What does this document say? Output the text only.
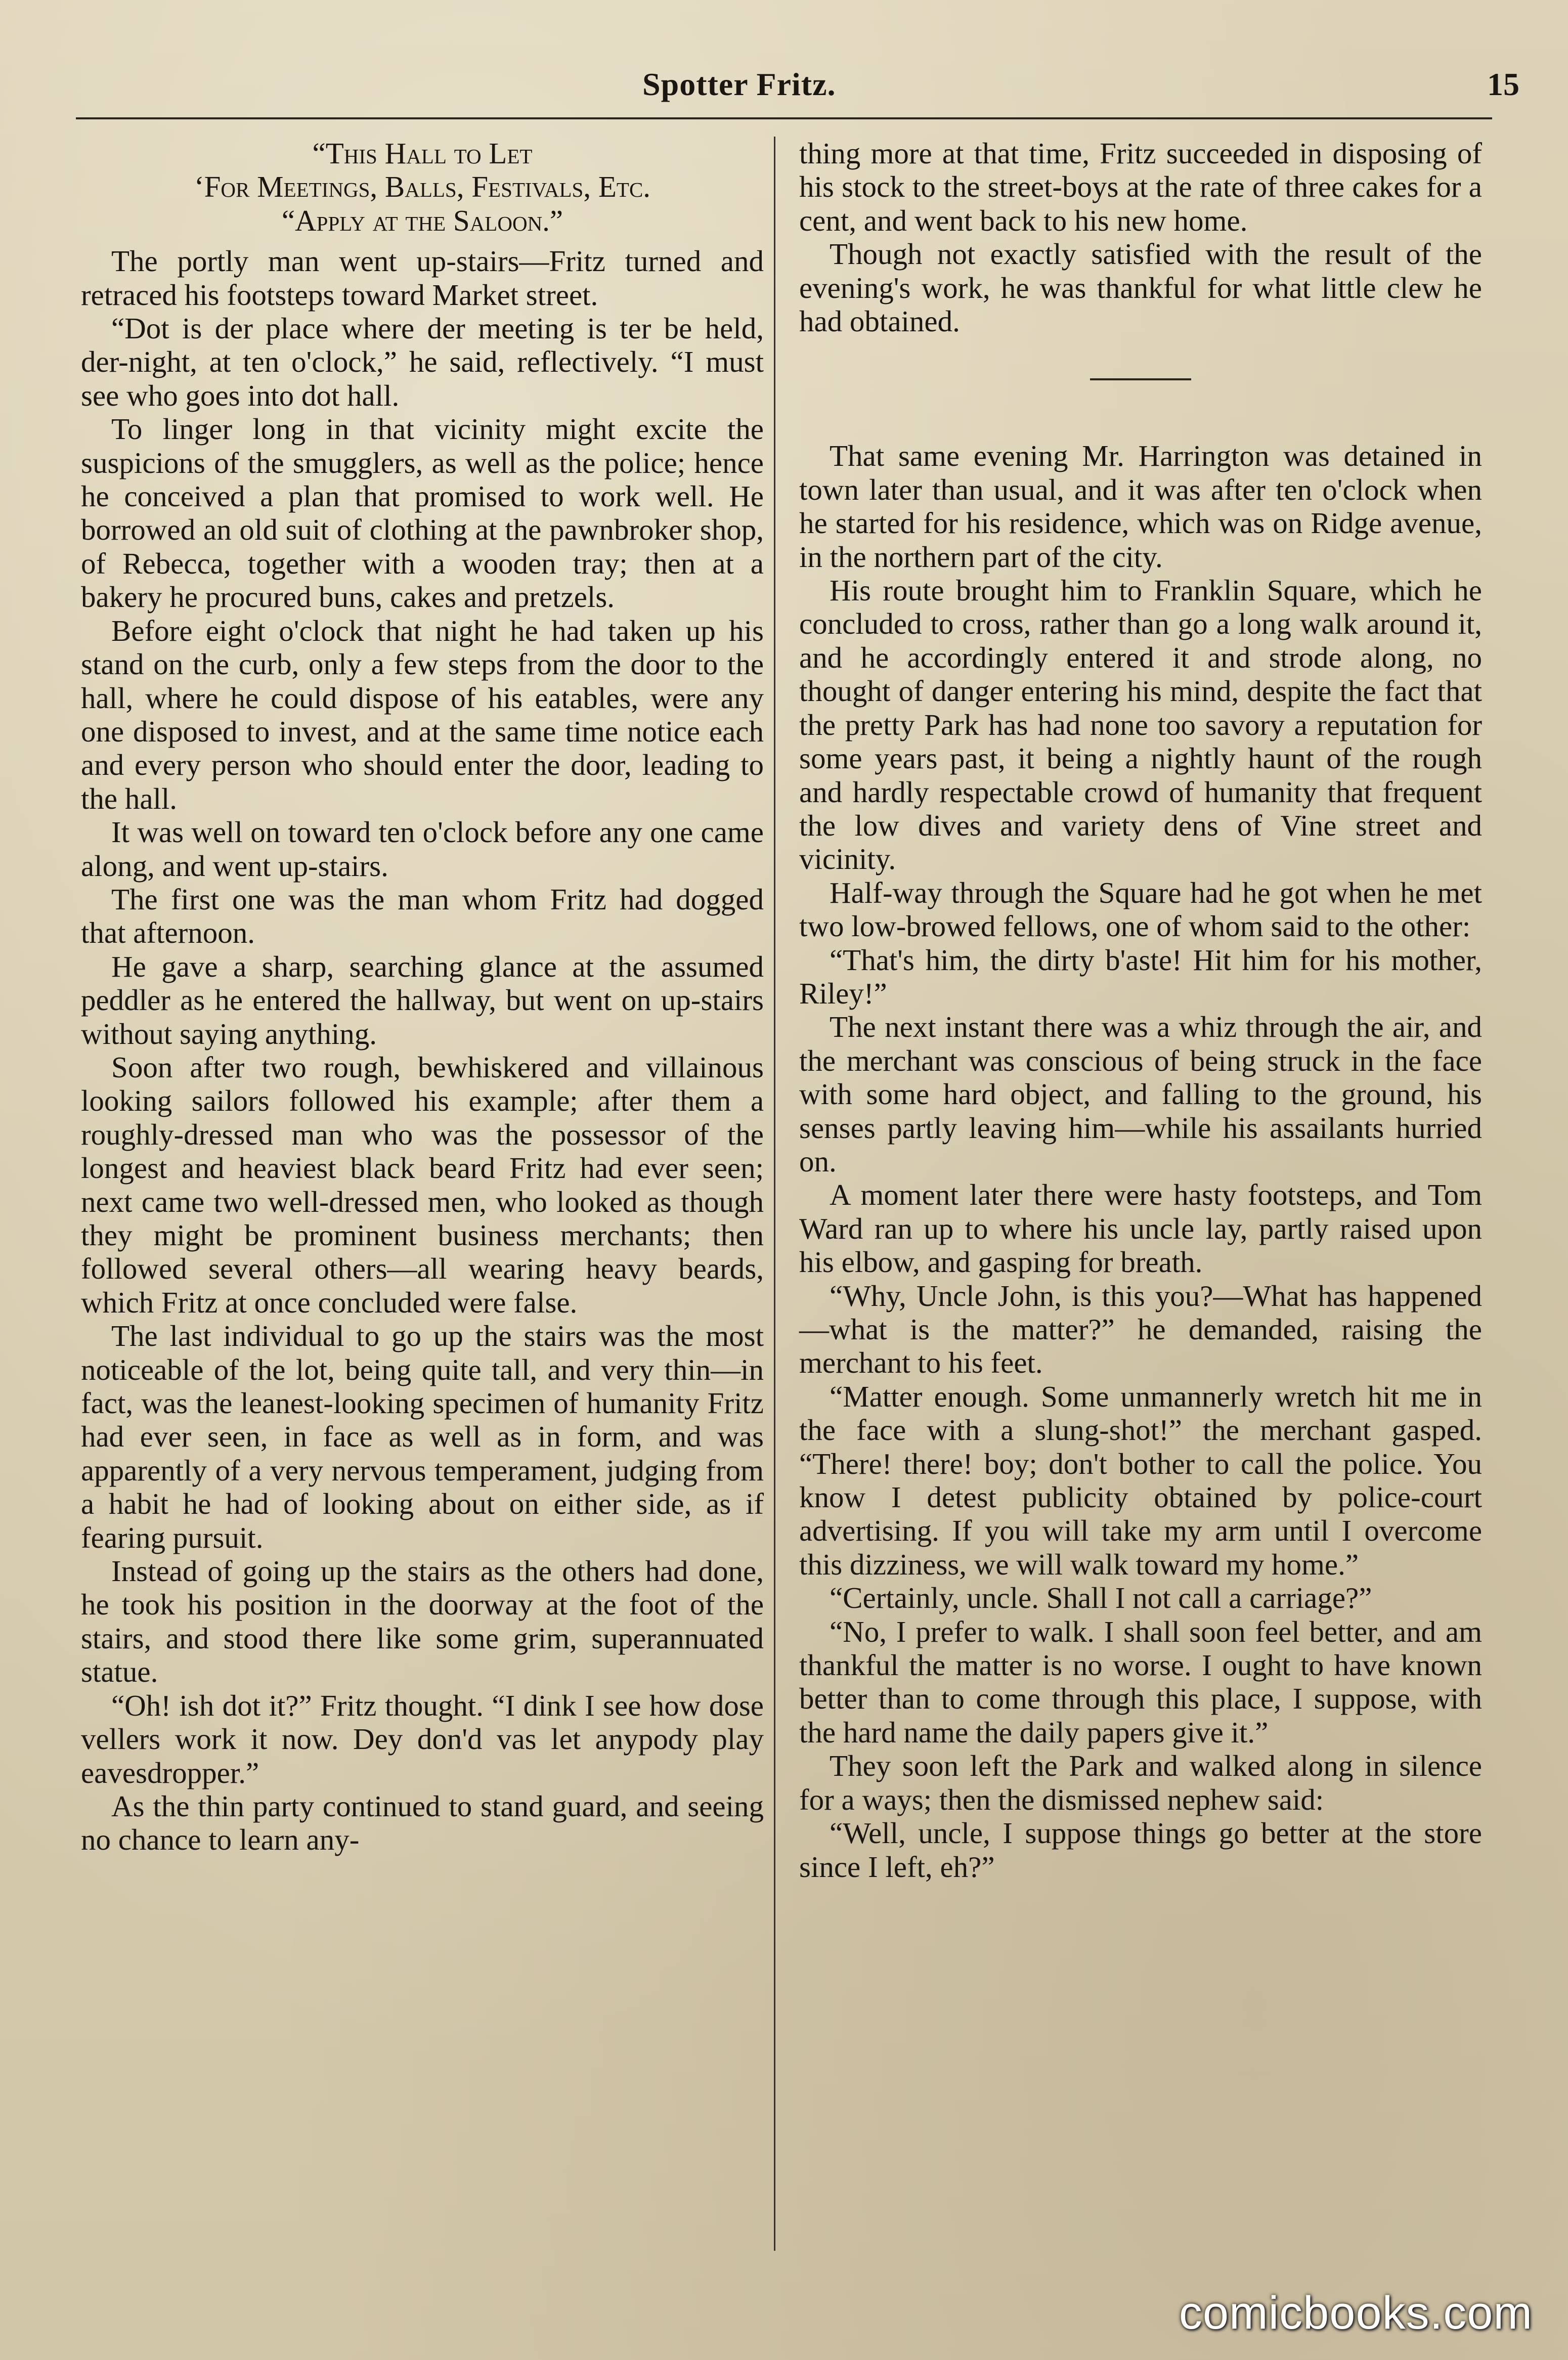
Spotter Fritz.	15
“This Hall to Let
‘For Meetings, Balls, Festivals, Etc.
“Apply at the Saloon.”

The portly man went up-stairs—Fritz turned and retraced his footsteps toward Market street.

“Dot is der place where der meeting is ter be held, der-night, at ten o'clock,” he said, reflectively. “I must see who goes into dot hall.

To linger long in that vicinity might excite the suspicions of the smugglers, as well as the police; hence he conceived a plan that promised to work well. He borrowed an old suit of clothing at the pawnbroker shop, of Rebecca, together with a wooden tray; then at a bakery he procured buns, cakes and pretzels.

Before eight o'clock that night he had taken up his stand on the curb, only a few steps from the door to the hall, where he could dispose of his eatables, were any one disposed to invest, and at the same time notice each and every person who should enter the door, leading to the hall.

It was well on toward ten o'clock before any one came along, and went up-stairs.

The first one was the man whom Fritz had dogged that afternoon.

He gave a sharp, searching glance at the assumed peddler as he entered the hallway, but went on up-stairs without saying anything.

Soon after two rough, bewhiskered and villainous looking sailors followed his example; after them a roughly-dressed man who was the possessor of the longest and heaviest black beard Fritz had ever seen; next came two well-dressed men, who looked as though they might be prominent business merchants; then followed several others—all wearing heavy beards, which Fritz at once concluded were false.

The last individual to go up the stairs was the most noticeable of the lot, being quite tall, and very thin—in fact, was the leanest-looking specimen of humanity Fritz had ever seen, in face as well as in form, and was apparently of a very nervous temperament, judging from a habit he had of looking about on either side, as if fearing pursuit.

Instead of going up the stairs as the others had done, he took his position in the doorway at the foot of the stairs, and stood there like some grim, superannuated statue.

“Oh! ish dot it?” Fritz thought. “I dink I see how dose vellers work it now. Dey don'd vas let anypody play eavesdropper.”

As the thin party continued to stand guard, and seeing no chance to learn any-

thing more at that time, Fritz succeeded in disposing of his stock to the street-boys at the rate of three cakes for a cent, and went back to his new home.

Though not exactly satisfied with the result of the evening's work, he was thankful for what little clew he had obtained.

That same evening Mr. Harrington was detained in town later than usual, and it was after ten o'clock when he started for his residence, which was on Ridge avenue, in the northern part of the city.

His route brought him to Franklin Square, which he concluded to cross, rather than go a long walk around it, and he accordingly entered it and strode along, no thought of danger entering his mind, despite the fact that the pretty Park has had none too savory a reputation for some years past, it being a nightly haunt of the rough and hardly respectable crowd of humanity that frequent the low dives and variety dens of Vine street and vicinity.

Half-way through the Square had he got when he met two low-browed fellows, one of whom said to the other:

“That's him, the dirty b'aste! Hit him for his mother, Riley!”

The next instant there was a whiz through the air, and the merchant was conscious of being struck in the face with some hard object, and falling to the ground, his senses partly leaving him—while his assailants hurried on.

A moment later there were hasty footsteps, and Tom Ward ran up to where his uncle lay, partly raised upon his elbow, and gasping for breath.

“Why, Uncle John, is this you?—What has happened—what is the matter?” he demanded, raising the merchant to his feet.

“Matter enough. Some unmannerly wretch hit me in the face with a slung-shot!” the merchant gasped. “There! there! boy; don't bother to call the police. You know I detest publicity obtained by police-court advertising. If you will take my arm until I overcome this dizziness, we will walk toward my home.”

“Certainly, uncle. Shall I not call a carriage?”

“No, I prefer to walk. I shall soon feel better, and am thankful the matter is no worse. I ought to have known better than to come through this place, I suppose, with the hard name the daily papers give it.”

They soon left the Park and walked along in silence for a ways; then the dismissed nephew said:

“Well, uncle, I suppose things go better at the store since I left, eh?”

comicbooks.com
